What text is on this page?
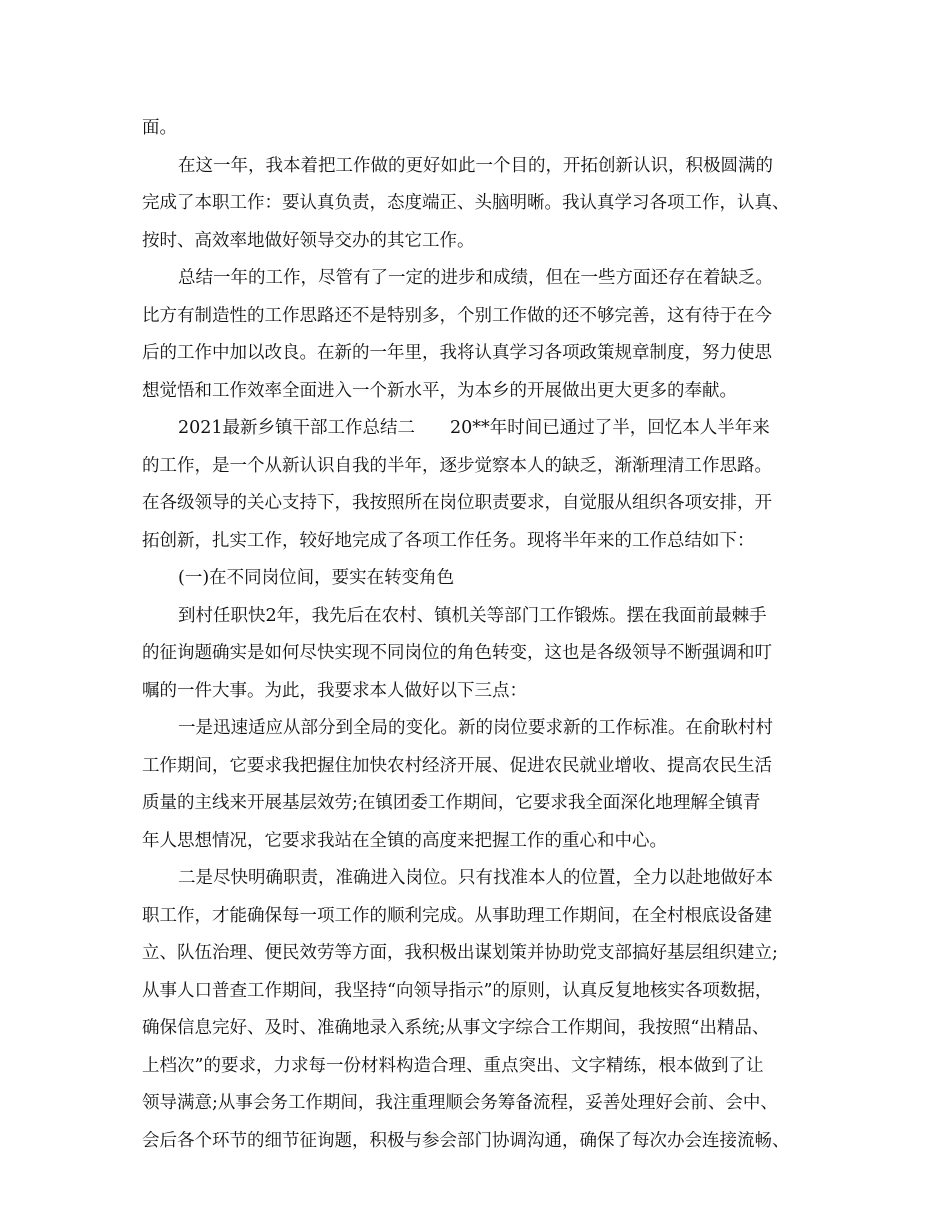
面。
在这一年，我本着把工作做的更好如此一个目的，开拓创新认识，积极圆满的
完成了本职工作：要认真负责，态度端正、头脑明晰。我认真学习各项工作，认真、
按时、高效率地做好领导交办的其它工作。
总结一年的工作，尽管有了一定的进步和成绩，但在一些方面还存在着缺乏。
比方有制造性的工作思路还不是特别多，个别工作做的还不够完善，这有待于在今
后的工作中加以改良。在新的一年里，我将认真学习各项政策规章制度，努力使思
想觉悟和工作效率全面进入一个新水平，为本乡的开展做出更大更多的奉献。
2021最新乡镇干部工作总结二　　20**年时间已通过了半，回忆本人半年来
的工作，是一个从新认识自我的半年，逐步觉察本人的缺乏，渐渐理清工作思路。
在各级领导的关心支持下，我按照所在岗位职责要求，自觉服从组织各项安排，开
拓创新，扎实工作，较好地完成了各项工作任务。现将半年来的工作总结如下：
(一)在不同岗位间，要实在转变角色
到村任职快2年，我先后在农村、镇机关等部门工作锻炼。摆在我面前最棘手
的征询题确实是如何尽快实现不同岗位的角色转变，这也是各级领导不断强调和叮
嘱的一件大事。为此，我要求本人做好以下三点：
一是迅速适应从部分到全局的变化。新的岗位要求新的工作标准。在俞耿村村
工作期间，它要求我把握住加快农村经济开展、促进农民就业增收、提高农民生活
质量的主线来开展基层效劳;在镇团委工作期间，它要求我全面深化地理解全镇青
年人思想情况，它要求我站在全镇的高度来把握工作的重心和中心。
二是尽快明确职责，准确进入岗位。只有找准本人的位置，全力以赴地做好本
职工作，才能确保每一项工作的顺利完成。从事助理工作期间，在全村根底设备建
立、队伍治理、便民效劳等方面，我积极出谋划策并协助党支部搞好基层组织建立;
从事人口普查工作期间，我坚持“向领导指示”的原则，认真反复地核实各项数据，
确保信息完好、及时、准确地录入系统;从事文字综合工作期间，我按照“出精品、
上档次”的要求，力求每一份材料构造合理、重点突出、文字精练，根本做到了让
领导满意;从事会务工作期间，我注重理顺会务筹备流程，妥善处理好会前、会中、
会后各个环节的细节征询题，积极与参会部门协调沟通，确保了每次办会连接流畅、
